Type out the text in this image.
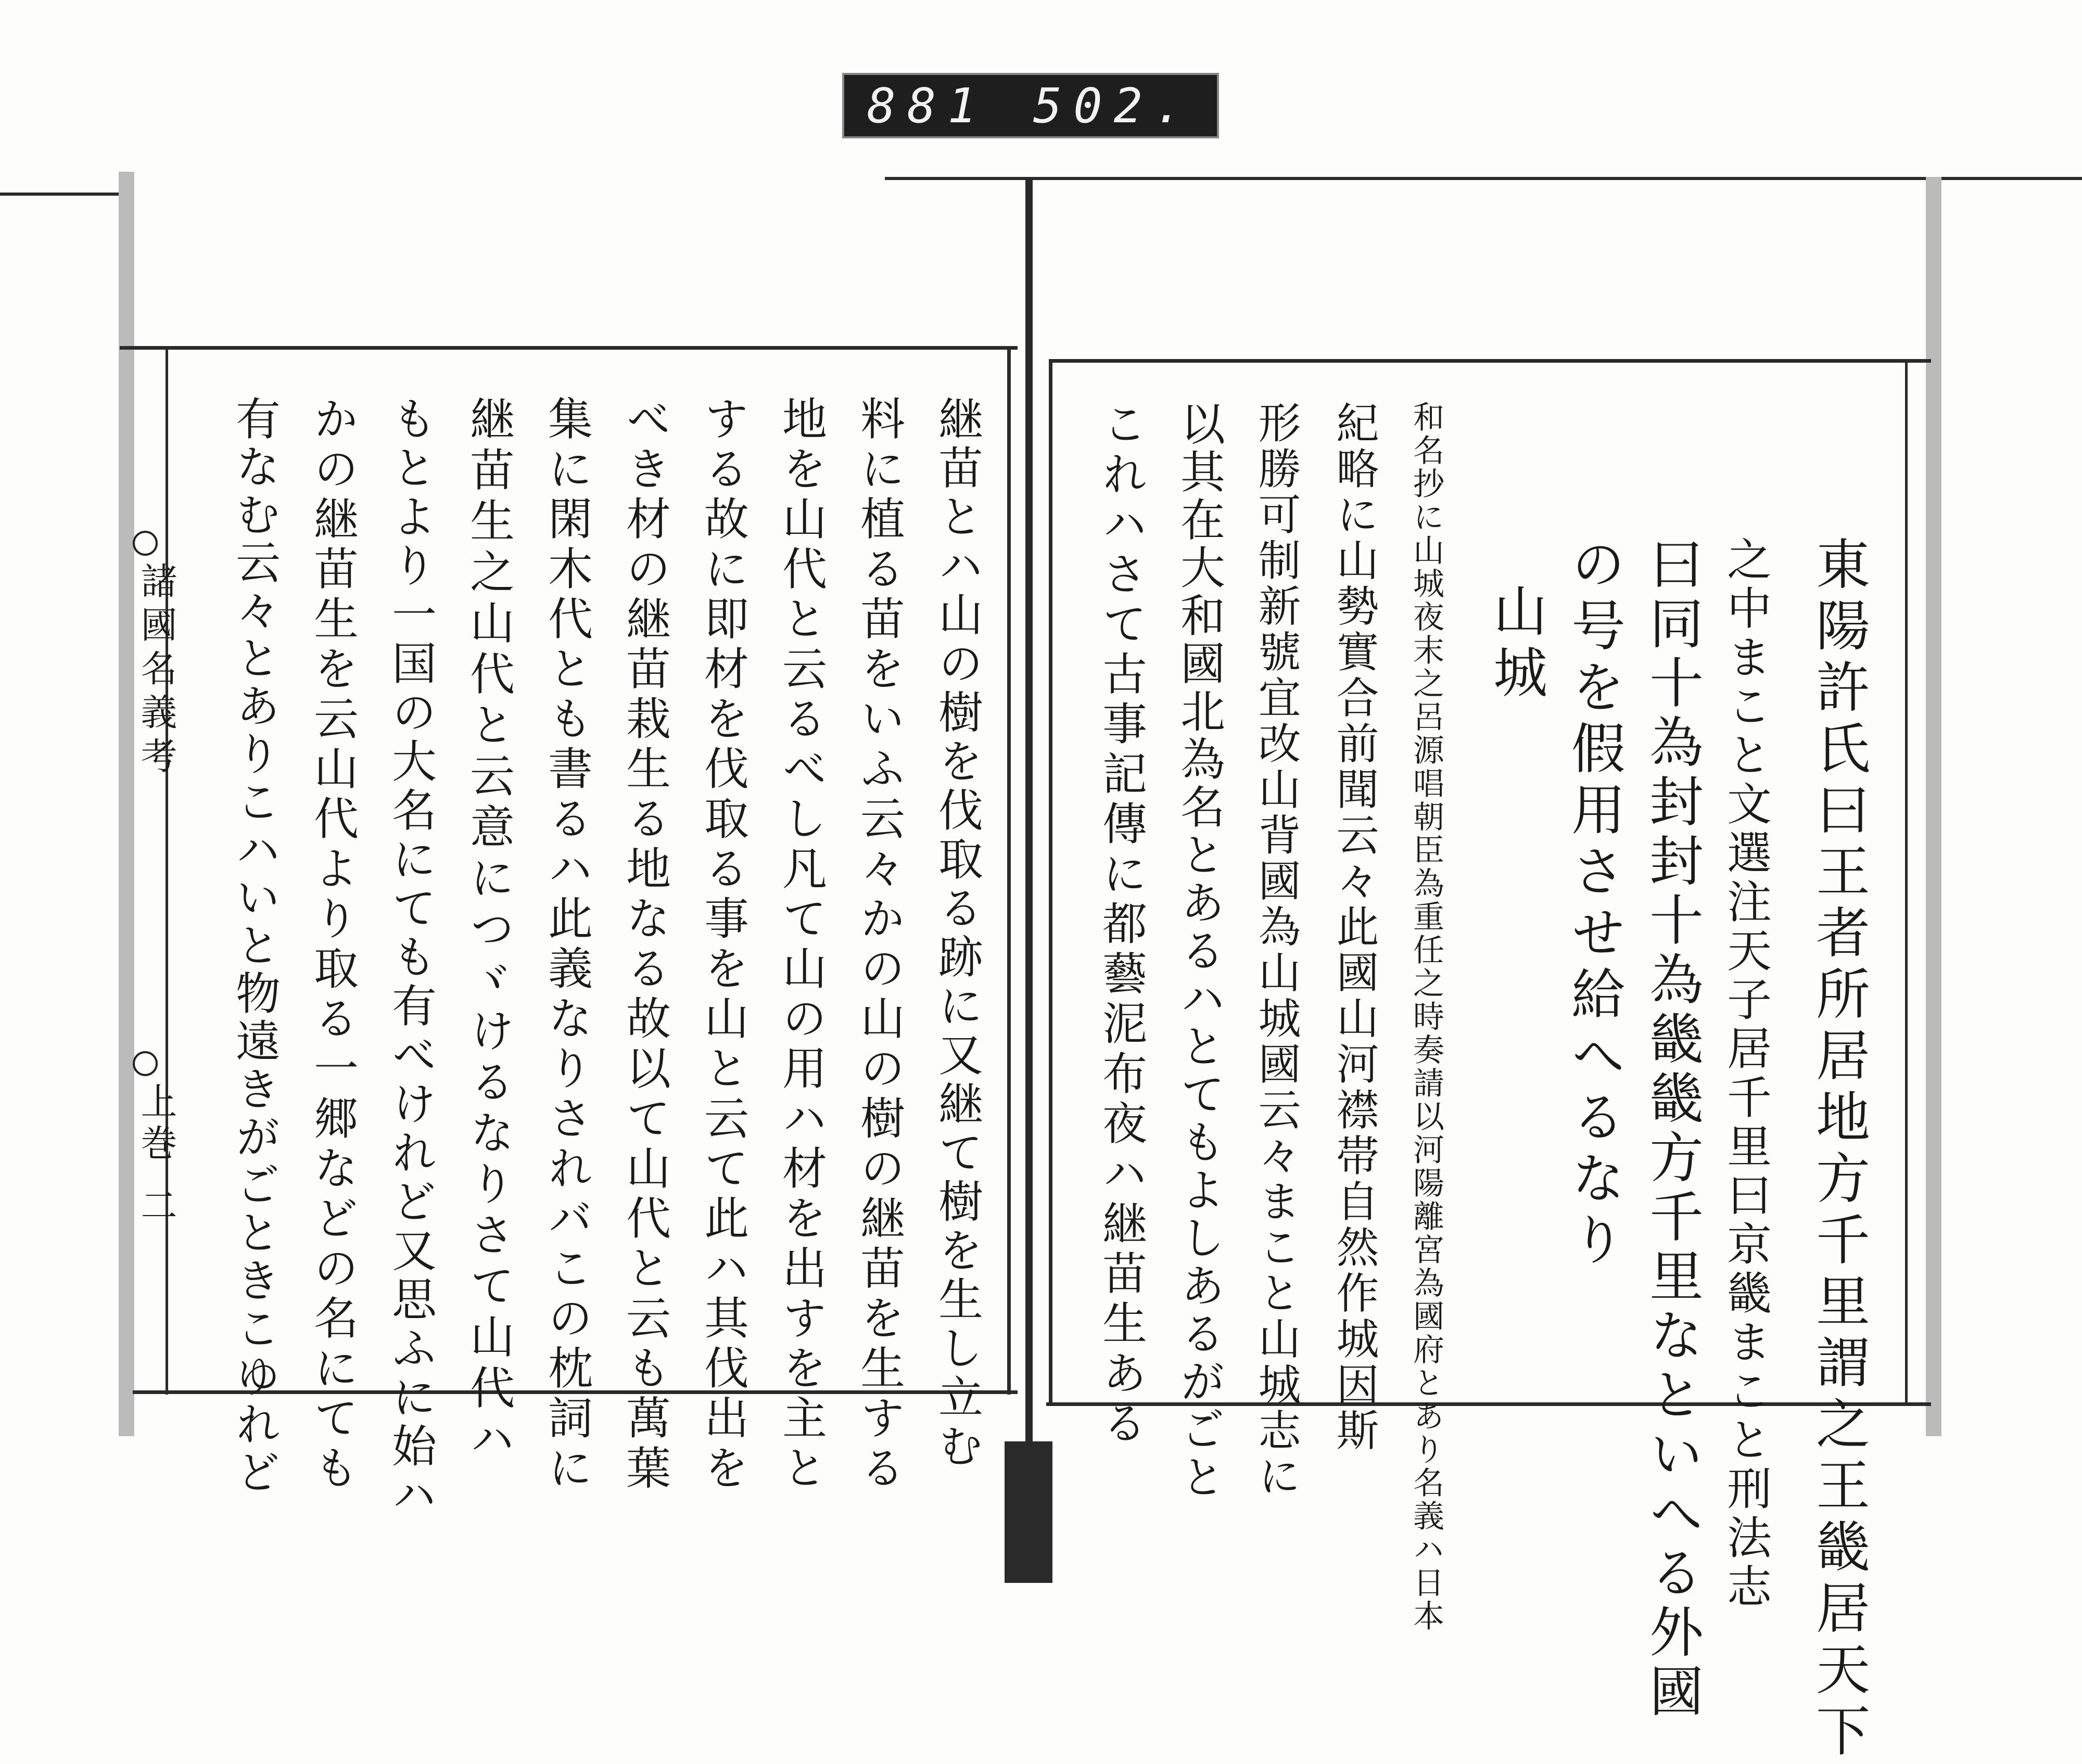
881 502.
東陽許氏曰王者所居地方千里謂之王畿居天下
之中まこと文選注天子居千里曰京畿まこと刑法志
曰同十為封封十為畿畿方千里なといへる外國
の号を假用させ給へるなり
山城
和名抄に山城夜末之呂源唱朝臣為重任之時奏請以河陽離宮為國府とあり名義ハ日本
紀略に山勢實合前聞云々此國山河襟帯自然作城因斯
形勝可制新號宜改山背國為山城國云々まこと山城志に
以其在大和國北為名とあるハとてもよしあるがごと
これハさて古事記傳に都藝泥布夜ハ継苗生ある
継苗とハ山の樹を伐取る跡に又継て樹を生し立む
料に植る苗をいふ云々かの山の樹の継苗を生する
地を山代と云るべし凡て山の用ハ材を出すを主と
する故に即材を伐取る事を山と云て此ハ其伐出を
べき材の継苗栽生る地なる故以て山代と云も萬葉
集に閑木代とも書るハ此義なりされバこの枕詞に
継苗生之山代と云意につヾけるなりさて山代ハ
もとより一国の大名にても有べけれど又思ふに始ハ
かの継苗生を云山代より取る一郷などの名にても
有なむ云々とありこハいと物遠きがごときこゆれど
諸國名義考
上巻
二
